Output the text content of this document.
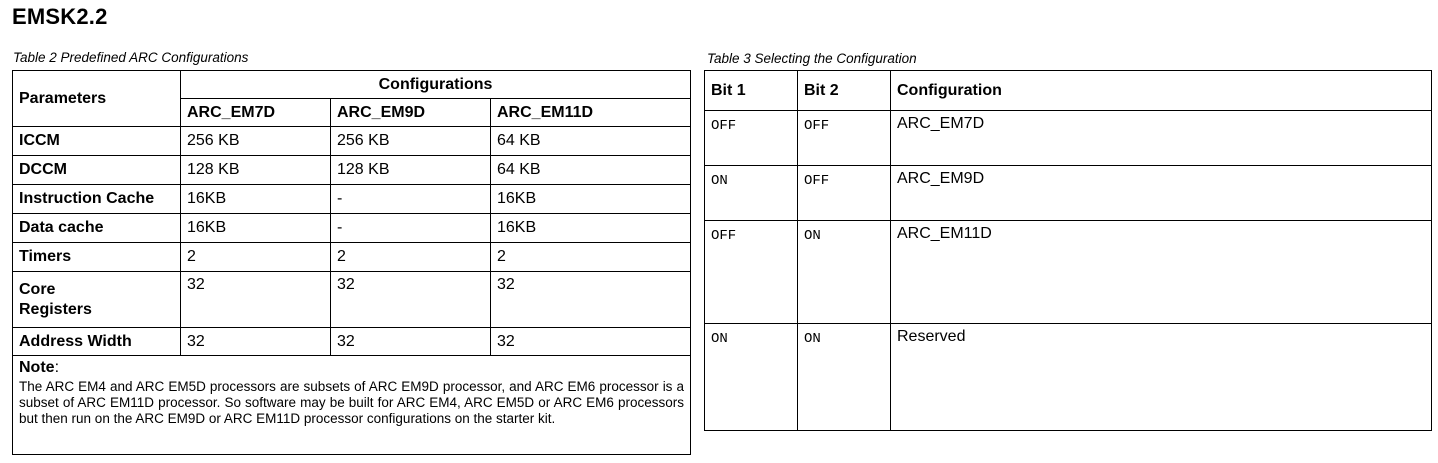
EMSK2.2
Table 2 Predefined ARC Configurations
Parameters	Configurations		
	ARC_EM7D	ARC_EM9D	ARC_EM11D
ICCM	256 KB	256 KB	64 KB
DCCM	128 KB	128 KB	64 KB
Instruction Cache	16KB	-	16KB
Data cache	16KB	-	16KB
Timers	2	2	2
Core
Registers	32	32	32
Address Width	32	32	32

Note:
The ARC EM4 and ARC EM5D processors are subsets of ARC EM9D processor, and ARC EM6 processor is a subset of ARC EM11D processor. So software may be built for ARC EM4, ARC EM5D or ARC EM6 processors but then run on the ARC EM9D or ARC EM11D processor configurations on the starter kit.			
Table 3 Selecting the Configuration
Bit 1	Bit 2	Configuration
OFF	OFF	ARC_EM7D
ON	OFF	ARC_EM9D
OFF	ON	ARC_EM11D
ON	ON	Reserved
